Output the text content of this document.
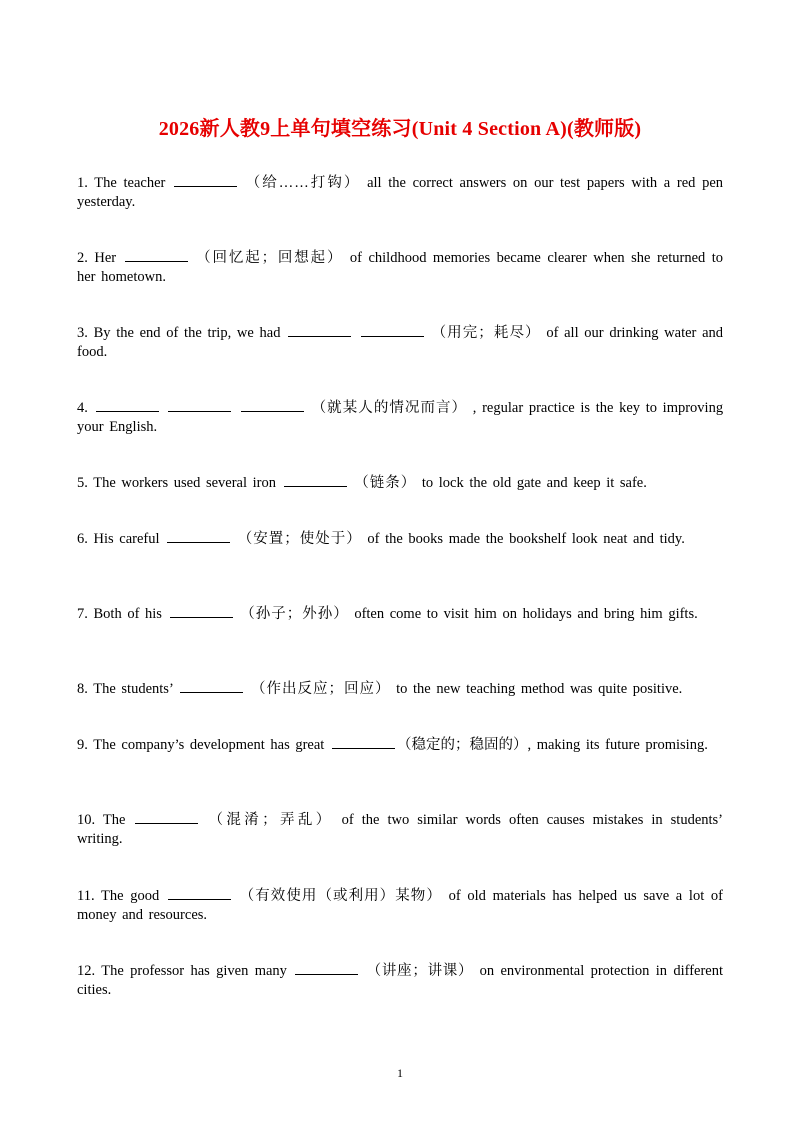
2026新人教9上单句填空练习(Unit 4 Section A)(教师版)

1. The teacher	（给……打钩） all the correct answers on our test papers with a red pen yesterday.

2. Her	（回忆起；回想起） of childhood memories became clearer when she returned to her hometown.

3. By the end of the trip, we had	（用完；耗尽） of all our drinking water and food.

4.	（就某人的情况而言） , regular practice is the key to improving your English.

5. The workers used several iron	（链条） to lock the old gate and keep it safe.

6. His careful	（安置；使处于） of the books made the bookshelf look neat and tidy.

7. Both of his	（孙子；外孙） often come to visit him on holidays and bring him gifts.

8. The students’	（作出反应；回应） to the new teaching method was quite positive.

9. The company’s development has great	（稳定的；稳固的）, making its future promising.

10. The	（混淆；弄乱） of the two similar words often causes mistakes in students’ writing.

11. The good	（有效使用（或利用）某物） of old materials has helped us save a lot of money and resources.

12. The professor has given many	（讲座；讲课） on environmental protection in different cities.

1
